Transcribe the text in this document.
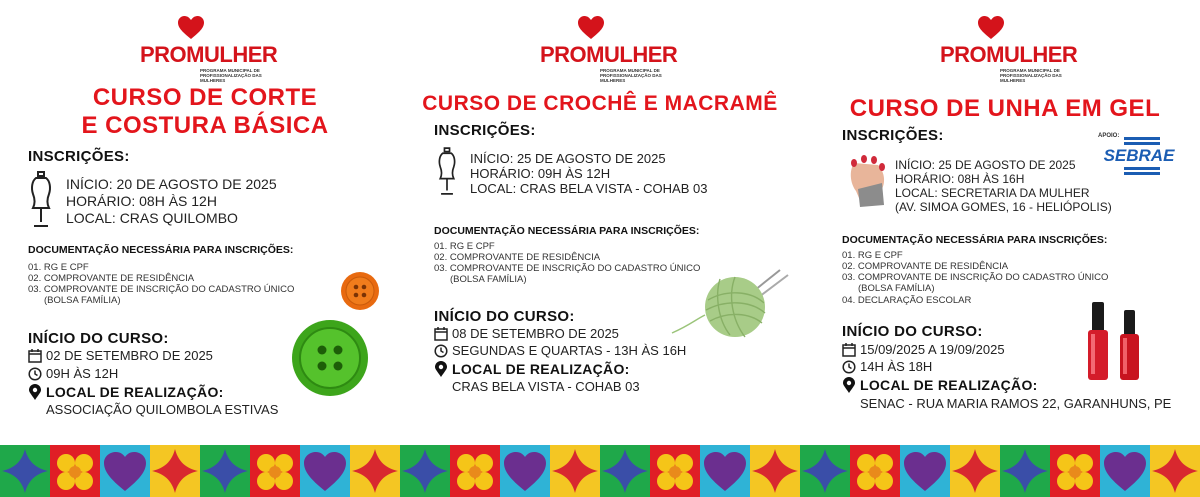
PROMULHER
PROGRAMA MUNICIPAL DE PROFISSIONALIZAÇÃO DAS MULHERES
CURSO DE CORTE
E COSTURA BÁSICA
INSCRIÇÕES:
INÍCIO: 20 DE AGOSTO DE 2025
HORÁRIO: 08H ÀS 12H
LOCAL: CRAS QUILOMBO
DOCUMENTAÇÃO NECESSÁRIA PARA INSCRIÇÕES:
01. RG E CPF
02. COMPROVANTE DE RESIDÊNCIA
03. COMPROVANTE DE INSCRIÇÃO DO CADASTRO ÚNICO
(BOLSA FAMÍLIA)
INÍCIO DO CURSO:
02 DE SETEMBRO DE 2025
09H ÀS 12H
LOCAL DE REALIZAÇÃO:
ASSOCIAÇÃO QUILOMBOLA ESTIVAS
PROMULHER
PROGRAMA MUNICIPAL DE PROFISSIONALIZAÇÃO DAS MULHERES
CURSO DE CROCHÊ E MACRAMÊ
INSCRIÇÕES:
INÍCIO: 25 DE AGOSTO DE 2025
HORÁRIO: 09H ÀS 12H
LOCAL: CRAS BELA VISTA - COHAB 03
DOCUMENTAÇÃO NECESSÁRIA PARA INSCRIÇÕES:
01. RG E CPF
02. COMPROVANTE DE RESIDÊNCIA
03. COMPROVANTE DE INSCRIÇÃO DO CADASTRO ÚNICO
(BOLSA FAMÍLIA)
INÍCIO DO CURSO:
08 DE SETEMBRO DE 2025
SEGUNDAS E QUARTAS - 13H ÀS 16H
LOCAL DE REALIZAÇÃO:
CRAS BELA VISTA - COHAB 03
PROMULHER
PROGRAMA MUNICIPAL DE PROFISSIONALIZAÇÃO DAS MULHERES
CURSO DE UNHA EM GEL
INSCRIÇÕES:	APOIO:
SEBRAE
INÍCIO: 25 DE AGOSTO DE 2025
HORÁRIO: 08H ÀS 16H
LOCAL: SECRETARIA DA MULHER
(AV. SIMOA GOMES, 16 - HELIÓPOLIS)
DOCUMENTAÇÃO NECESSÁRIA PARA INSCRIÇÕES:
01. RG E CPF
02. COMPROVANTE DE RESIDÊNCIA
03. COMPROVANTE DE INSCRIÇÃO DO CADASTRO ÚNICO
(BOLSA FAMÍLIA)
04. DECLARAÇÃO ESCOLAR
INÍCIO DO CURSO:
15/09/2025 A 19/09/2025
14H ÀS 18H
LOCAL DE REALIZAÇÃO:
SENAC - RUA MARIA RAMOS 22, GARANHUNS, PE
